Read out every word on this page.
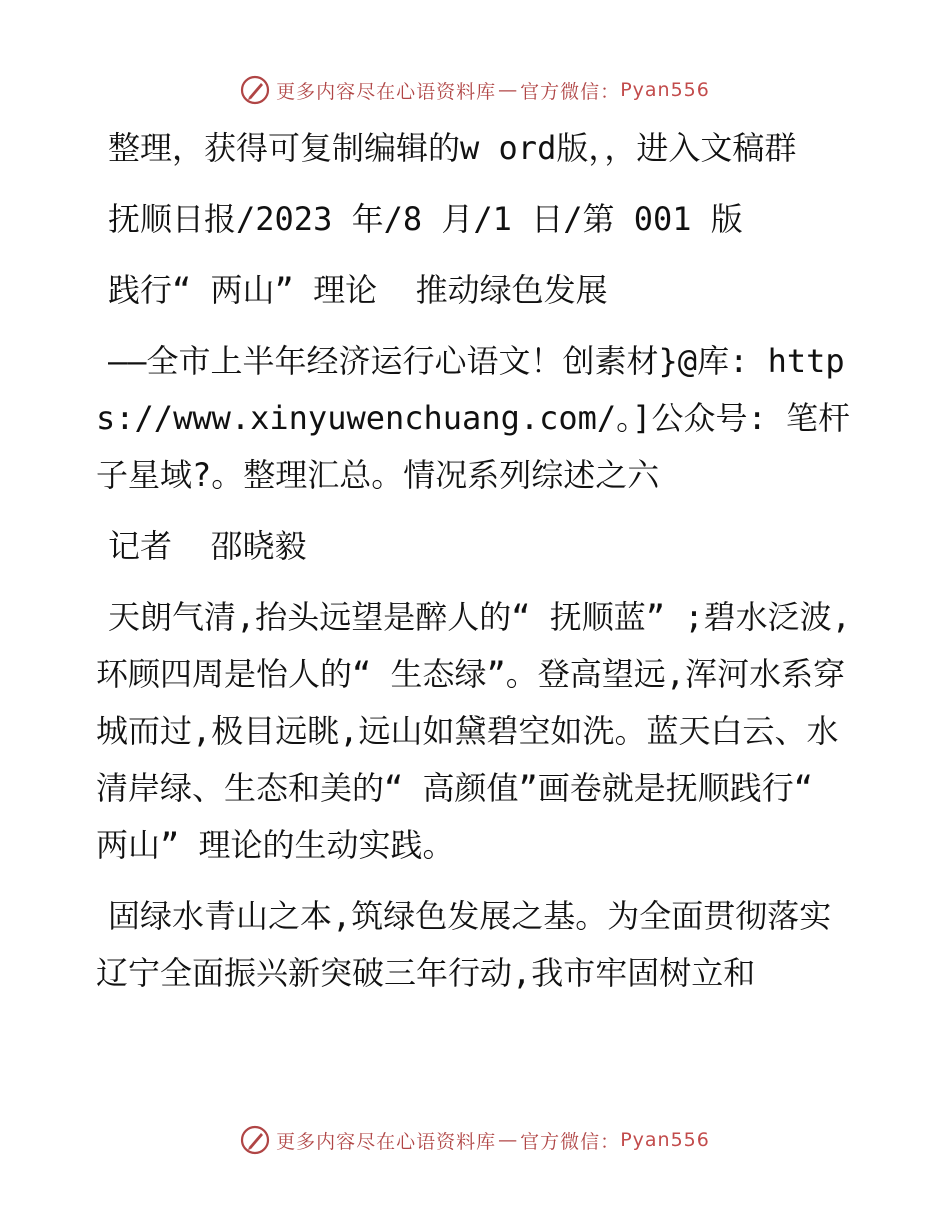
更多内容尽在心语资料库 — 官方微信： Pyan556

整理，获得可复制编辑的w ord版，，进入文稿群

抚顺日报/2023 年/8 月/1 日/第 001 版

践行“ 两山” 理论  推动绿色发展

——全市上半年经济运行心语文！创素材}@库: https://www.xinyuwenchuang.com/。]公众号: 笔杆子星域?。整理汇总。情况系列综述之六

记者  邵晓毅

天朗气清,抬头远望是醉人的“ 抚顺蓝” ;碧水泛波,环顾四周是怡人的“ 生态绿”。登高望远,浑河水系穿城而过,极目远眺,远山如黛碧空如洗。蓝天白云、水清岸绿、生态和美的“ 高颜值”画卷就是抚顺践行“ 两山” 理论的生动实践。

固绿水青山之本,筑绿色发展之基。为全面贯彻落实辽宁全面振兴新突破三年行动,我市牢固树立和

更多内容尽在心语资料库 — 官方微信： Pyan556
